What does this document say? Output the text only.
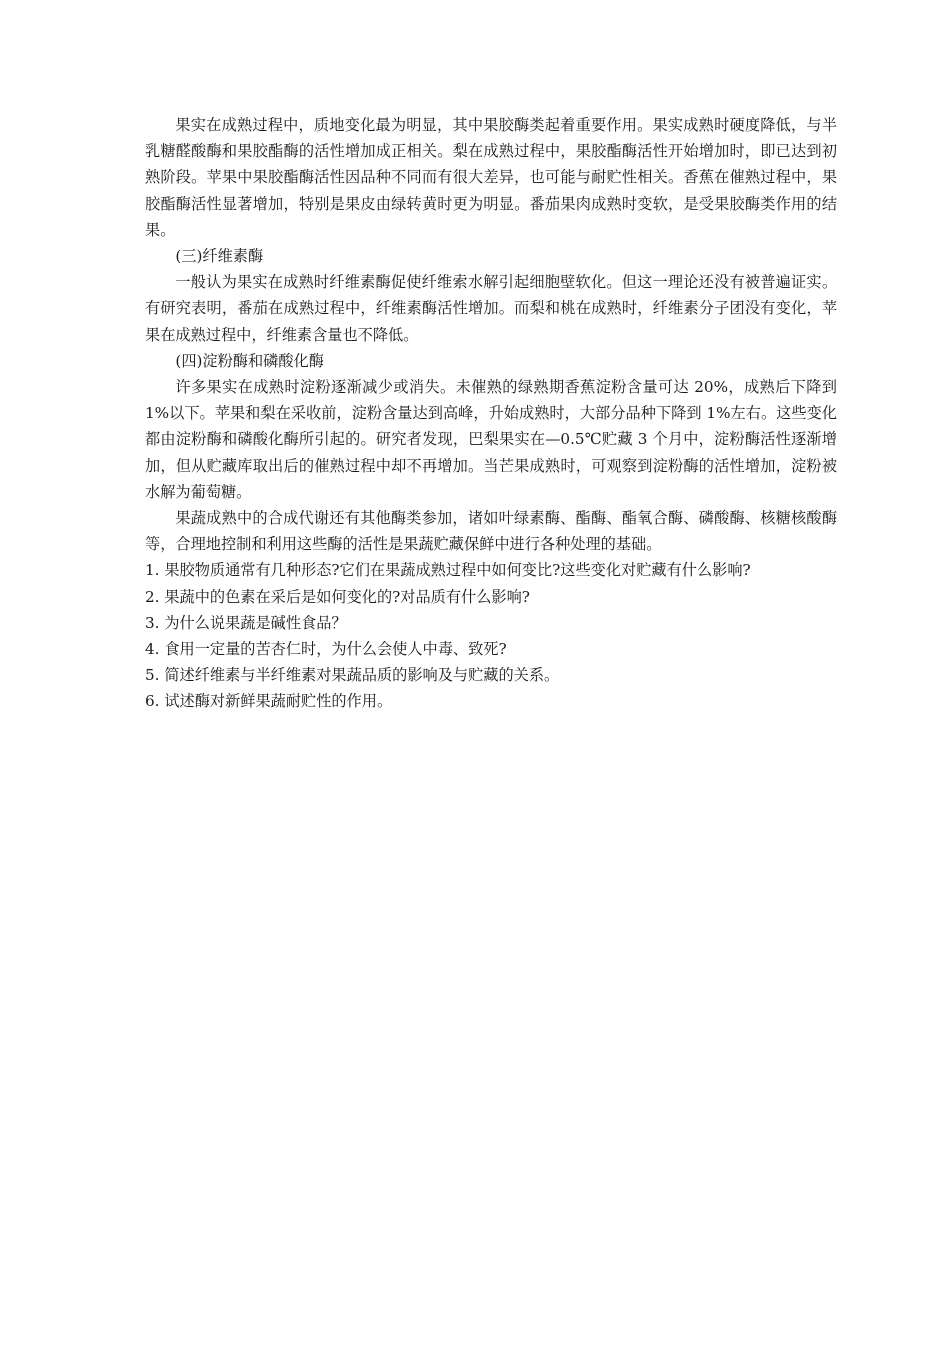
果实在成熟过程中，质地变化最为明显，其中果胶酶类起着重要作用。果实成熟时硬度降低，与半乳糖醛酸酶和果胶酯酶的活性增加成正相关。梨在成熟过程中，果胶酯酶活性开始增加时，即已达到初熟阶段。苹果中果胶酯酶活性因品种不同而有很大差异，也可能与耐贮性相关。香蕉在催熟过程中，果胶酯酶活性显著增加，特别是果皮由绿转黄时更为明显。番茄果肉成熟时变软，是受果胶酶类作用的结果。

(三)纤维素酶

一般认为果实在成熟时纤维素酶促使纤维索水解引起细胞壁软化。但这一理论还没有被普遍证实。有研究表明，番茄在成熟过程中，纤维素酶活性增加。而梨和桃在成熟时，纤维素分子团没有变化，苹果在成熟过程中，纤维素含量也不降低。

(四)淀粉酶和磷酸化酶

许多果实在成熟时淀粉逐渐减少或消失。未催熟的绿熟期香蕉淀粉含量可达 20%，成熟后下降到 1%以下。苹果和梨在采收前，淀粉含量达到高峰，升始成熟时，大部分品种下降到 1%左右。这些变化都由淀粉酶和磷酸化酶所引起的。研究者发现，巴梨果实在—0.5℃贮藏 3 个月中，淀粉酶活性逐渐增加，但从贮藏库取出后的催熟过程中却不再增加。当芒果成熟时，可观察到淀粉酶的活性增加，淀粉被水解为葡萄糖。

果蔬成熟中的合成代谢还有其他酶类参加，诸如叶绿素酶、酯酶、酯氧合酶、磷酸酶、核糖核酸酶等，合理地控制和利用这些酶的活性是果蔬贮藏保鲜中进行各种处理的基础。

1. 果胶物质通常有几种形态?它们在果蔬成熟过程中如何变比?这些变化对贮藏有什么影响?
2. 果蔬中的色素在采后是如何变化的?对品质有什么影响?
3. 为什么说果蔬是碱性食品？
4. 食用一定量的苦杏仁时，为什么会使人中毒、致死?
5. 简述纤维素与半纤维素对果蔬品质的影响及与贮藏的关系。
6. 试述酶对新鲜果蔬耐贮性的作用。
